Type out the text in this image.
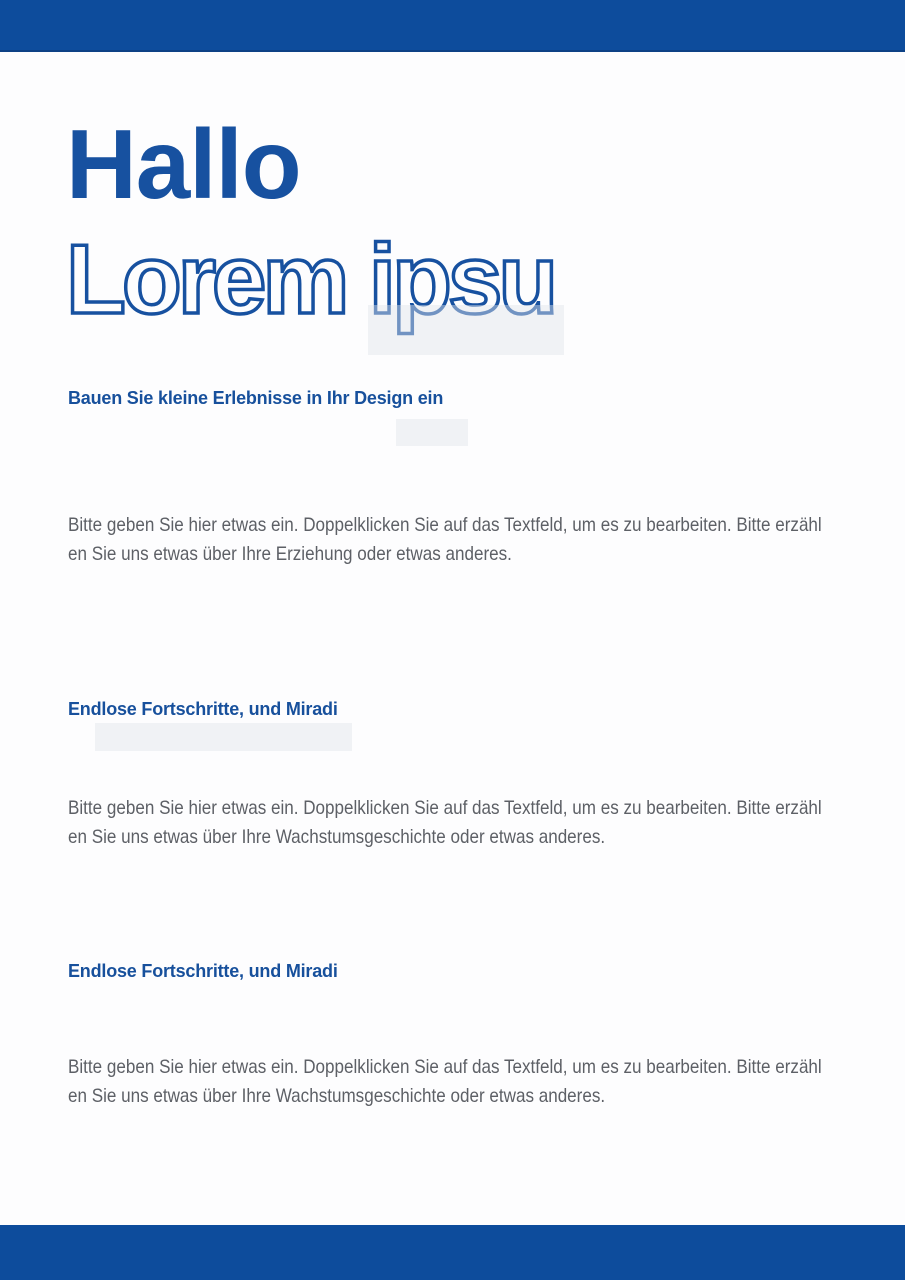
Hallo
Lorem ipsu
Bauen Sie kleine Erlebnisse in Ihr Design ein
Bitte geben Sie hier etwas ein. Doppelklicken Sie auf das Textfeld, um es zu bearbeiten. Bitte erzähl
en Sie uns etwas über Ihre Erziehung oder etwas anderes.
Endlose Fortschritte, und Miradi
Bitte geben Sie hier etwas ein. Doppelklicken Sie auf das Textfeld, um es zu bearbeiten. Bitte erzähl
en Sie uns etwas über Ihre Wachstumsgeschichte oder etwas anderes.
Endlose Fortschritte, und Miradi
Bitte geben Sie hier etwas ein. Doppelklicken Sie auf das Textfeld, um es zu bearbeiten. Bitte erzähl
en Sie uns etwas über Ihre Wachstumsgeschichte oder etwas anderes.
